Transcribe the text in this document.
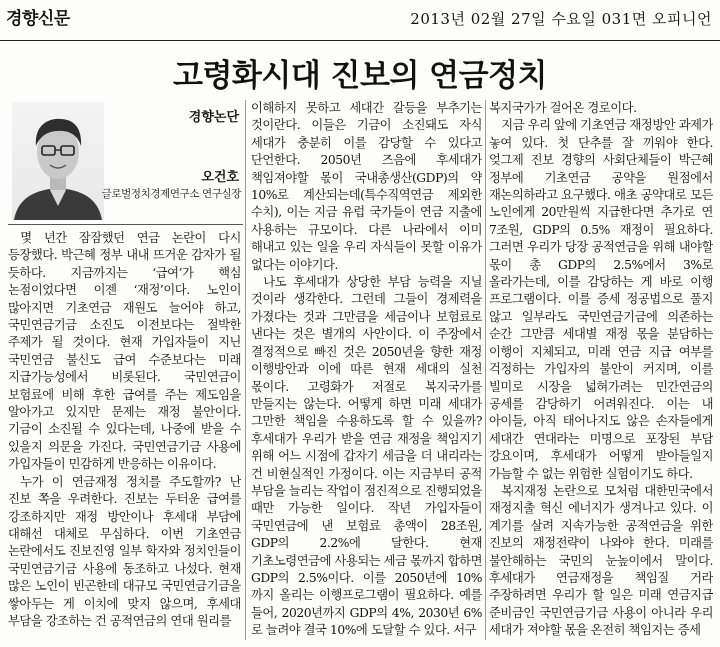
경향신문	2013년 02월 27일 수요일 031면 오피니언
고령화시대 진보의 연금정치
경향논단
오건호
글로벌정치경제연구소 연구실장

몇 년간 잠잠했던 연금 논란이 다시 등장했다. 박근혜 정부 내내 뜨거운 감자가 될 듯하다. 지금까지는 ‘급여’가 핵심 논점이었다면 이젠 ‘재정’이다. 노인이 많아지면 기초연금 재원도 늘어야 하고, 국민연금기금 소진도 이전보다는 절박한 주제가 될 것이다. 현재 가입자들이 지닌 국민연금 불신도 급여 수준보다는 미래 지급가능성에서 비롯된다. 국민연금이 보험료에 비해 후한 급여를 주는 제도임을 알아가고 있지만 문제는 재정 불안이다. 기금이 소진될 수 있다는데, 나중에 받을 수 있을지 의문을 가진다. 국민연금기금 사용에 가입자들이 민감하게 반응하는 이유이다.

누가 이 연금재정 정치를 주도할까? 난 진보 쪽을 우려한다. 진보는 두터운 급여를 강조하지만 재정 방안이나 후세대 부담에 대해선 대체로 무심하다. 이번 기초연금 논란에서도 진보진영 일부 학자와 정치인들이 국민연금기금 사용에 동조하고 나섰다. 현재 많은 노인이 빈곤한데 대규모 국민연금기금을 쌓아두는 게 이치에 맞지 않으며, 후세대 부담을 강조하는 건 공적연금의 연대 원리를

이해하지 못하고 세대간 갈등을 부추기는 것이란다. 이들은 기금이 소진돼도 자식 세대가 충분히 이를 감당할 수 있다고 단언한다. 2050년 즈음에 후세대가 책임져야할 몫이 국내총생산(GDP)의 약 10%로 계산되는데(특수직역연금 제외한 수치), 이는 지금 유럽 국가들이 연금 지출에 사용하는 규모이다. 다른 나라에서 이미 해내고 있는 일을 우리 자식들이 못할 이유가 없다는 이야기다.

나도 후세대가 상당한 부담 능력을 지닐 것이라 생각한다. 그런데 그들이 경제력을 가졌다는 것과 그만큼을 세금이나 보험료로 낸다는 것은 별개의 사안이다. 이 주장에서 결정적으로 빠진 것은 2050년을 향한 재정 이행방안과 이에 따른 현재 세대의 실천 몫이다. 고령화가 저절로 복지국가를 만들지는 않는다. 어떻게 하면 미래 세대가 그만한 책임을 수용하도록 할 수 있을까? 후세대가 우리가 받을 연금 재정을 책임지기 위해 어느 시점에 갑자기 세금을 더 내리라는 건 비현실적인 가정이다. 이는 지금부터 공적 부담을 늘리는 작업이 점진적으로 진행되었을 때만 가능한 일이다. 작년 가입자들이 국민연금에 낸 보험료 총액이 28조원, GDP의 2.2%에 달한다. 현재 기초노령연금에 사용되는 세금 몫까지 합하면 GDP의 2.5%이다. 이를 2050년에 10%까지 올리는 이행프로그램이 필요하다. 예를 들어, 2020년까지 GDP의 4%, 2030년 6%로 늘려야 결국 10%에 도달할 수 있다. 서구

복지국가가 걸어온 경로이다.

지금 우리 앞에 기초연금 재정방안 과제가 놓여 있다. 첫 단추를 잘 끼워야 한다. 엊그제 진보 경향의 사회단체들이 박근혜 정부에 기초연금 공약을 원점에서 재논의하라고 요구했다. 애초 공약대로 모든 노인에게 20만원씩 지급한다면 추가로 연 7조원, GDP의 0.5% 재정이 필요하다. 그러면 우리가 당장 공적연금을 위해 내야할 몫이 총 GDP의 2.5%에서 3%로 올라가는데, 이를 감당하는 게 바로 이행 프로그램이다. 이를 증세 정공법으로 풀지 않고 일부라도 국민연금기금에 의존하는 순간 그만큼 세대별 재정 몫을 분담하는 이행이 지체되고, 미래 연금 지급 여부를 걱정하는 가입자의 불안이 커지며, 이를 빌미로 시장을 넓혀가려는 민간연금의 공세를 감당하기 어려워진다. 이는 내 아이들, 아직 태어나지도 않은 손자들에게 세대간 연대라는 미명으로 포장된 부담 강요이며, 후세대가 어떻게 받아들일지 가늠할 수 없는 위험한 실험이기도 하다.

복지재정 논란으로 모처럼 대한민국에서 재정지출 혁신 에너지가 생겨나고 있다. 이 계기를 살려 지속가능한 공적연금을 위한 진보의 재정전략이 나와야 한다. 미래를 불안해하는 국민의 눈높이에서 말이다. 후세대가 연금재정을 책임질 거라 주장하려면 우리가 할 일은 미래 연금지급 준비금인 국민연금기금 사용이 아니라 우리 세대가 져야할 몫을 온전히 책임지는 증세
